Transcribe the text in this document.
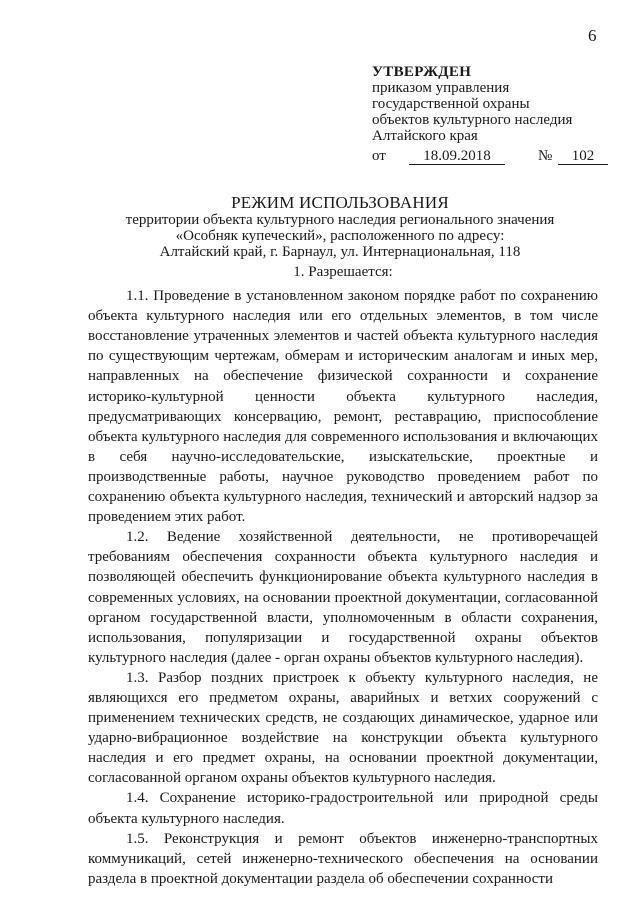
6
УТВЕРЖДЕН
приказом управления
государственной охраны
объектов культурного наследия
Алтайского края
от	18.09.2018	№	102
РЕЖИМ ИСПОЛЬЗОВАНИЯ
территории объекта культурного наследия регионального значения
«Особняк купеческий», расположенного по адресу:
Алтайский край, г. Барнаул, ул. Интернациональная, 118

1. Разрешается:

1.1. Проведение в установленном законом порядке работ по сохранению объекта культурного наследия или его отдельных элементов, в том числе восстановление утраченных элементов и частей объекта культурного наследия по существующим чертежам, обмерам и историческим аналогам и иных мер, направленных на обеспечение физической сохранности и сохранение историко-культурной ценности объекта культурного наследия, предусматривающих консервацию, ремонт, реставрацию, приспособление объекта культурного наследия для современного использования и включающих в себя научно-исследовательские, изыскательские, проектные и производственные работы, научное руководство проведением работ по сохранению объекта культурного наследия, технический и авторский надзор за проведением этих работ.

1.2. Ведение хозяйственной деятельности, не противоречащей требованиям обеспечения сохранности объекта культурного наследия и позволяющей обеспечить функционирование объекта культурного наследия в современных условиях, на основании проектной документации, согласованной органом государственной власти, уполномоченным в области сохранения, использования, популяризации и государственной охраны объектов культурного наследия (далее - орган охраны объектов культурного наследия).

1.3. Разбор поздних пристроек к объекту культурного наследия, не являющихся его предметом охраны, аварийных и ветхих сооружений с применением технических средств, не создающих динамическое, ударное или ударно-вибрационное воздействие на конструкции объекта культурного наследия и его предмет охраны, на основании проектной документации, согласованной органом охраны объектов культурного наследия.

1.4. Сохранение историко-градостроительной или природной среды объекта культурного наследия.

1.5. Реконструкция и ремонт объектов инженерно-транспортных коммуникаций, сетей инженерно-технического обеспечения на основании раздела в проектной документации раздела об обеспечении сохранности
